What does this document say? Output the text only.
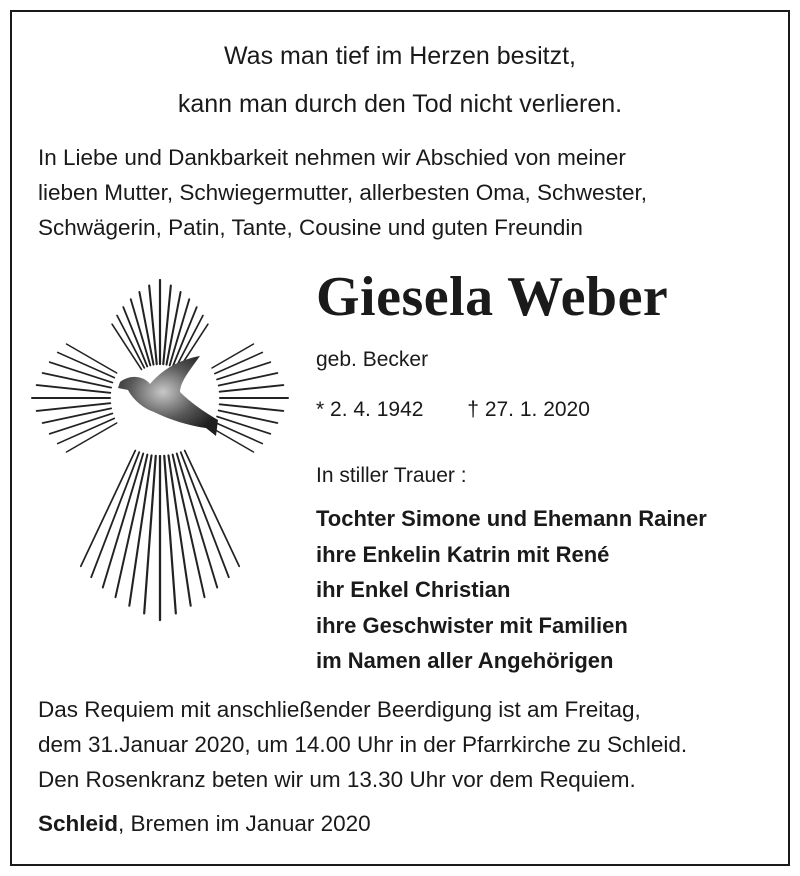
Was man tief im Herzen besitzt,
kann man durch den Tod nicht verlieren.
In Liebe und Dankbarkeit nehmen wir Abschied von meiner
lieben Mutter, Schwiegermutter, allerbesten Oma, Schwester,
Schwägerin, Patin, Tante, Cousine und guten Freundin
Giesela Weber
geb. Becker
* 2. 4. 1942 † 27. 1. 2020
In stiller Trauer :
Tochter Simone und Ehemann Rainer
ihre Enkelin Katrin mit René
ihr Enkel Christian
ihre Geschwister mit Familien
im Namen aller Angehörigen
Das Requiem mit anschließender Beerdigung ist am Freitag,
dem 31.Januar 2020, um 14.00 Uhr in der Pfarrkirche zu Schleid.
Den Rosenkranz beten wir um 13.30 Uhr vor dem Requiem.
Schleid, Bremen im Januar 2020
